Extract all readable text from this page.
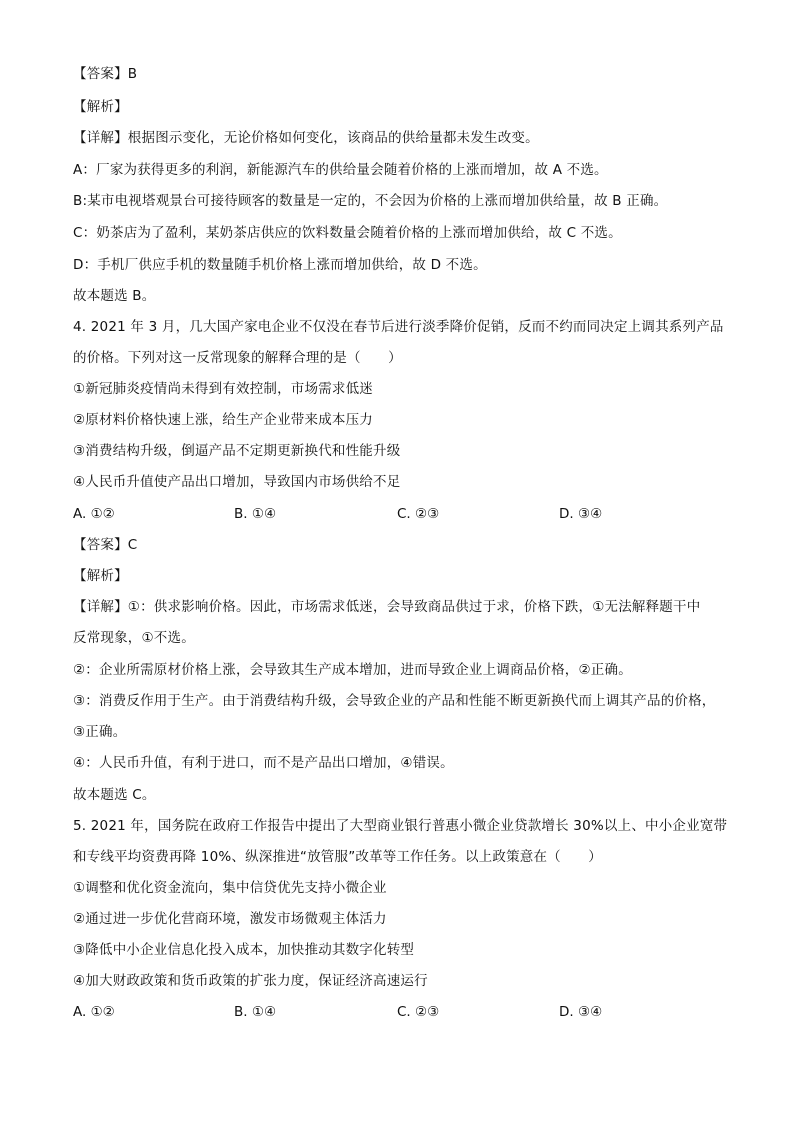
【答案】B
【解析】
【详解】根据图示变化，无论价格如何变化，该商品的供给量都未发生改变。
A：厂家为获得更多的利润，新能源汽车的供给量会随着价格的上涨而增加，故 A 不选。
B:某市电视塔观景台可接待顾客的数量是一定的，不会因为价格的上涨而增加供给量，故 B 正确。
C：奶茶店为了盈利，某奶茶店供应的饮料数量会随着价格的上涨而增加供给，故 C 不选。
D：手机厂供应手机的数量随手机价格上涨而增加供给，故 D 不选。
故本题选 B。
4. 2021 年 3 月，几大国产家电企业不仅没在春节后进行淡季降价促销，反而不约而同决定上调其系列产品
的价格。下列对这一反常现象的解释合理的是（　　）
①新冠肺炎疫情尚未得到有效控制，市场需求低迷
②原材料价格快速上涨，给生产企业带来成本压力
③消费结构升级，倒逼产品不定期更新换代和性能升级
④人民币升值使产品出口增加，导致国内市场供给不足
A. ①②	B. ①④	C. ②③	D. ③④
【答案】C
【解析】
【详解】①：供求影响价格。因此，市场需求低迷，会导致商品供过于求，价格下跌，①无法解释题干中
反常现象，①不选。
②：企业所需原材价格上涨，会导致其生产成本增加，进而导致企业上调商品价格，②正确。
③：消费反作用于生产。由于消费结构升级，会导致企业的产品和性能不断更新换代而上调其产品的价格，
③正确。
④：人民币升值，有利于进口，而不是产品出口增加，④错误。
故本题选 C。
5. 2021 年，国务院在政府工作报告中提出了大型商业银行普惠小微企业贷款增长 30%以上、中小企业宽带
和专线平均资费再降 10%、纵深推进“放管服”改革等工作任务。以上政策意在（　　）
①调整和优化资金流向，集中信贷优先支持小微企业
②通过进一步优化营商环境，激发市场微观主体活力
③降低中小企业信息化投入成本，加快推动其数字化转型
④加大财政政策和货币政策的扩张力度，保证经济高速运行
A. ①②	B. ①④	C. ②③	D. ③④
